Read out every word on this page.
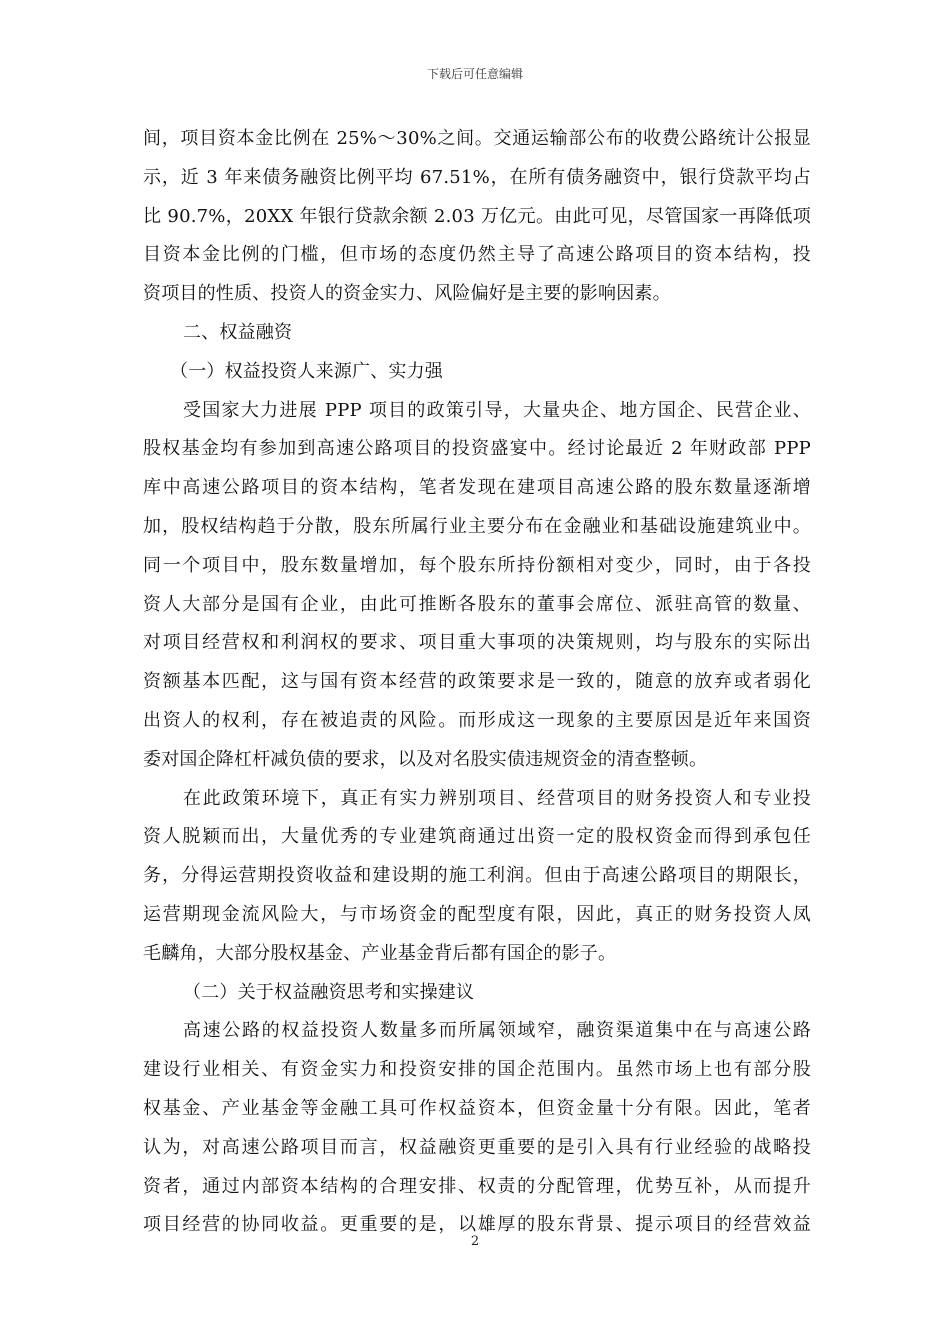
下载后可任意编辑
间，项目资本金比例在 25%～30%之间。交通运输部公布的收费公路统计公报显
示，近 3 年来债务融资比例平均 67.51%，在所有债务融资中，银行贷款平均占
比 90.7%，20XX 年银行贷款余额 2.03 万亿元。由此可见，尽管国家一再降低项
目资本金比例的门槛，但市场的态度仍然主导了高速公路项目的资本结构，投
资项目的性质、投资人的资金实力、风险偏好是主要的影响因素。
二、权益融资
（一）权益投资人来源广、实力强
受国家大力进展 PPP 项目的政策引导，大量央企、地方国企、民营企业、
股权基金均有参加到高速公路项目的投资盛宴中。经讨论最近 2 年财政部 PPP
库中高速公路项目的资本结构，笔者发现在建项目高速公路的股东数量逐渐增
加，股权结构趋于分散，股东所属行业主要分布在金融业和基础设施建筑业中。
同一个项目中，股东数量增加，每个股东所持份额相对变少，同时，由于各投
资人大部分是国有企业，由此可推断各股东的董事会席位、派驻高管的数量、
对项目经营权和利润权的要求、项目重大事项的决策规则，均与股东的实际出
资额基本匹配，这与国有资本经营的政策要求是一致的，随意的放弃或者弱化
出资人的权利，存在被追责的风险。而形成这一现象的主要原因是近年来国资
委对国企降杠杆减负债的要求，以及对名股实债违规资金的清查整顿。
在此政策环境下，真正有实力辨别项目、经营项目的财务投资人和专业投
资人脱颖而出，大量优秀的专业建筑商通过出资一定的股权资金而得到承包任
务，分得运营期投资收益和建设期的施工利润。但由于高速公路项目的期限长，
运营期现金流风险大，与市场资金的配型度有限，因此，真正的财务投资人凤
毛麟角，大部分股权基金、产业基金背后都有国企的影子。
（二）关于权益融资思考和实操建议
高速公路的权益投资人数量多而所属领域窄，融资渠道集中在与高速公路
建设行业相关、有资金实力和投资安排的国企范围内。虽然市场上也有部分股
权基金、产业基金等金融工具可作权益资本，但资金量十分有限。因此，笔者
认为，对高速公路项目而言，权益融资更重要的是引入具有行业经验的战略投
资者，通过内部资本结构的合理安排、权责的分配管理，优势互补，从而提升
项目经营的协同收益。更重要的是，以雄厚的股东背景、提示项目的经营效益
2
